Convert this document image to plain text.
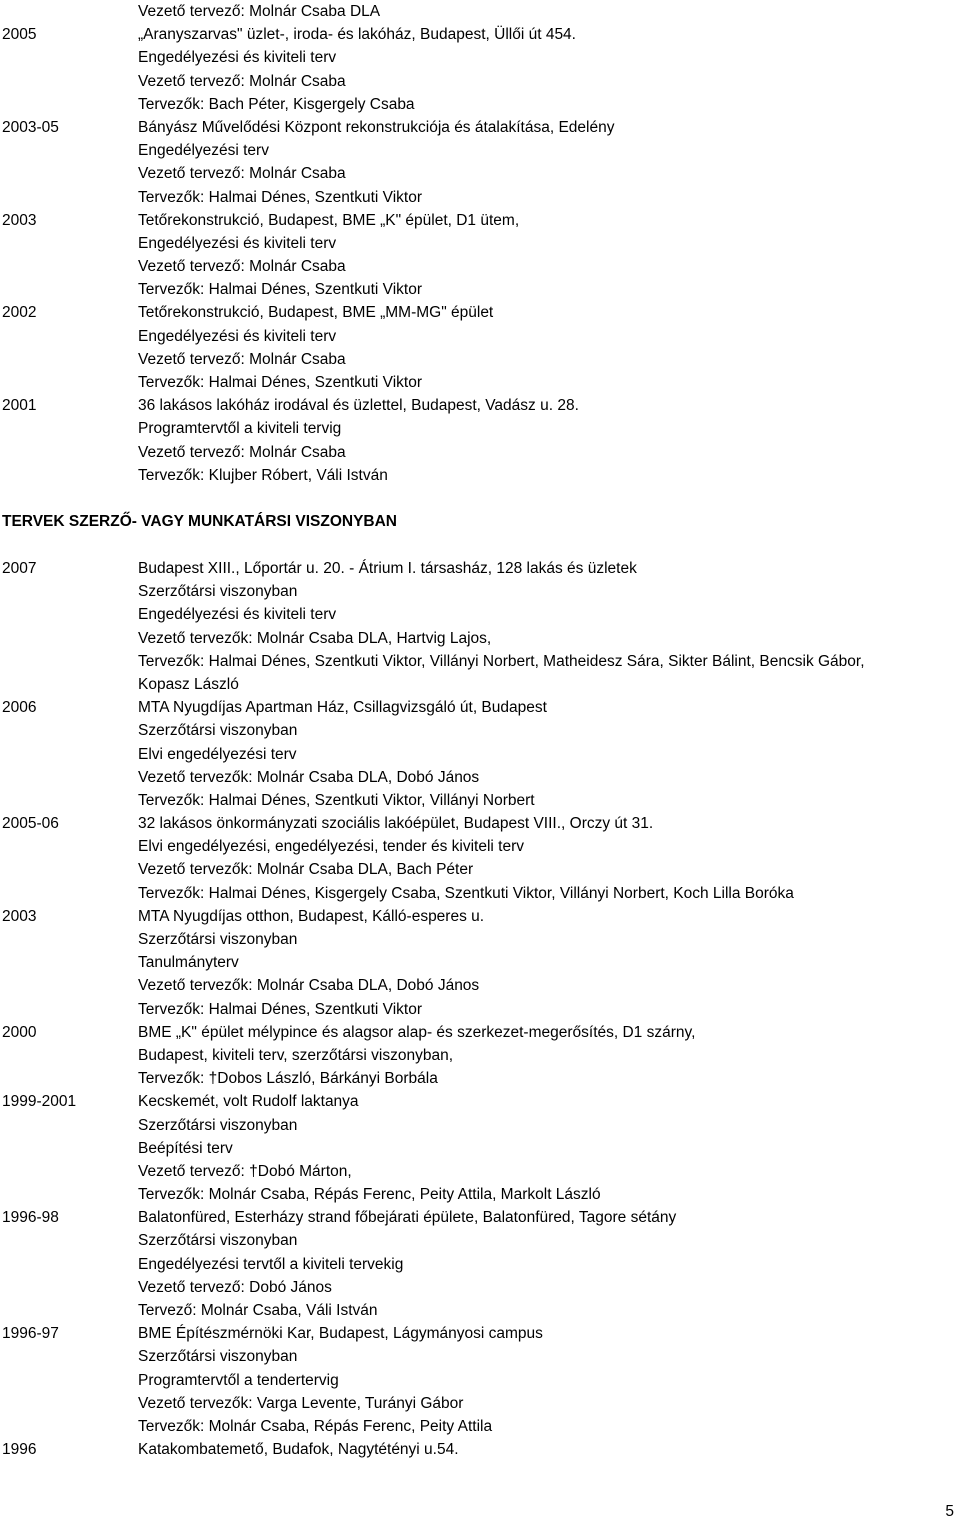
Vezető tervező: Molnár Csaba DLA
2005	„Aranyszarvas" üzlet-, iroda- és lakóház, Budapest, Üllői út 454.
Engedélyezési és kiviteli terv
Vezető tervező: Molnár Csaba
Tervezők: Bach Péter, Kisgergely Csaba
2003-05	Bányász Művelődési Központ rekonstrukciója és átalakítása, Edelény
Engedélyezési terv
Vezető tervező: Molnár Csaba
Tervezők: Halmai Dénes, Szentkuti Viktor
2003	Tetőrekonstrukció, Budapest, BME „K" épület, D1 ütem,
Engedélyezési és kiviteli terv
Vezető tervező: Molnár Csaba
Tervezők: Halmai Dénes, Szentkuti Viktor
2002	Tetőrekonstrukció, Budapest, BME „MM-MG" épület
Engedélyezési és kiviteli terv
Vezető tervező: Molnár Csaba
Tervezők: Halmai Dénes, Szentkuti Viktor
2001	36 lakásos lakóház irodával és üzlettel, Budapest, Vadász u. 28.
Programtervtől a kiviteli tervig
Vezető tervező: Molnár Csaba
Tervezők: Klujber Róbert, Váli István
TERVEK SZERZŐ- VAGY MUNKATÁRSI VISZONYBAN
2007	Budapest XIII., Lőportár u. 20. - Átrium I. társasház, 128 lakás és üzletek
Szerzőtársi viszonyban
Engedélyezési és kiviteli terv
Vezető tervezők: Molnár Csaba DLA, Hartvig Lajos,
Tervezők: Halmai Dénes, Szentkuti Viktor, Villányi Norbert, Matheidesz Sára, Sikter Bálint, Bencsik Gábor,
Kopasz László
2006	MTA Nyugdíjas Apartman Ház, Csillagvizsgáló út, Budapest
Szerzőtársi viszonyban
Elvi engedélyezési terv
Vezető tervezők: Molnár Csaba DLA, Dobó János
Tervezők: Halmai Dénes, Szentkuti Viktor, Villányi Norbert
2005-06	32 lakásos önkormányzati szociális lakóépület, Budapest VIII., Orczy út 31.
Elvi engedélyezési, engedélyezési, tender és kiviteli terv
Vezető tervezők: Molnár Csaba DLA, Bach Péter
Tervezők: Halmai Dénes, Kisgergely Csaba, Szentkuti Viktor, Villányi Norbert, Koch Lilla Boróka
2003	MTA Nyugdíjas otthon, Budapest, Kálló-esperes u.
Szerzőtársi viszonyban
Tanulmányterv
Vezető tervezők: Molnár Csaba DLA, Dobó János
Tervezők: Halmai Dénes, Szentkuti Viktor
2000	BME „K" épület mélypince és alagsor alap- és szerkezet-megerősítés, D1 szárny,
Budapest, kiviteli terv, szerzőtársi viszonyban,
Tervezők: †Dobos László, Bárkányi Borbála
1999-2001	Kecskemét, volt Rudolf laktanya
Szerzőtársi viszonyban
Beépítési terv
Vezető tervező: †Dobó Márton,
Tervezők: Molnár Csaba, Répás Ferenc, Peity Attila, Markolt László
1996-98	Balatonfüred, Esterházy strand főbejárati épülete, Balatonfüred, Tagore sétány
Szerzőtársi viszonyban
Engedélyezési tervtől a kiviteli tervekig
Vezető tervező: Dobó János
Tervező: Molnár Csaba, Váli István
1996-97	BME Építészmérnöki Kar, Budapest, Lágymányosi campus
Szerzőtársi viszonyban
Programtervtől a tendertervig
Vezető tervezők: Varga Levente, Turányi Gábor
Tervezők: Molnár Csaba, Répás Ferenc, Peity Attila
1996	Katakombatemető, Budafok, Nagytétényi u.54.
5
